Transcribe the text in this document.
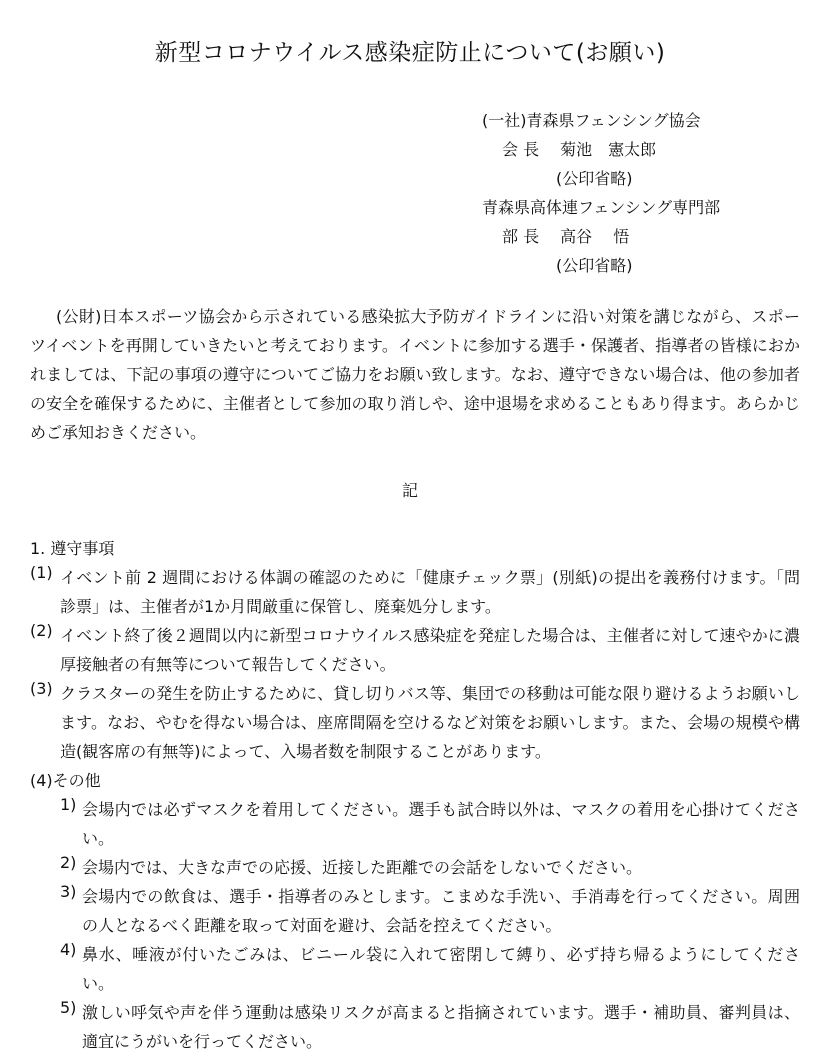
新型コロナウイルス感染症防止について(お願い)
(一社)青森県フェンシング協会
会 長　 菊池　憲太郎
(公印省略)
青森県高体連フェンシング専門部
部 長　 高谷　 悟
(公印省略)
(公財)日本スポーツ協会から示されている感染拡大予防ガイドラインに沿い対策を講じながら、スポーツイベントを再開していきたいと考えております。イベントに参加する選手・保護者、指導者の皆様におかれましては、下記の事項の遵守についてご協力をお願い致します。なお、遵守できない場合は、他の参加者の安全を確保するために、主催者として参加の取り消しや、途中退場を求めることもあり得ます。あらかじめご承知おきください。
記
1. 遵守事項
(1) イベント前 2 週間における体調の確認のために「健康チェック票」(別紙)の提出を義務付けます。「問診票」は、主催者が1か月間厳重に保管し、廃棄処分します。
(2) イベント終了後２週間以内に新型コロナウイルス感染症を発症した場合は、主催者に対して速やかに濃厚接触者の有無等について報告してください。
(3) クラスターの発生を防止するために、貸し切りバス等、集団での移動は可能な限り避けるようお願いします。なお、やむを得ない場合は、座席間隔を空けるなど対策をお願いします。また、会場の規模や構造(観客席の有無等)によって、入場者数を制限することがあります。
(4)その他
1) 会場内では必ずマスクを着用してください。選手も試合時以外は、マスクの着用を心掛けてください。
2) 会場内では、大きな声での応援、近接した距離での会話をしないでください。
3) 会場内での飲食は、選手・指導者のみとします。こまめな手洗い、手消毒を行ってください。周囲の人となるべく距離を取って対面を避け、会話を控えてください。
4) 鼻水、唾液が付いたごみは、ビニール袋に入れて密閉して縛り、必ず持ち帰るようにしてください。
5) 激しい呼気や声を伴う運動は感染リスクが高まると指摘されています。選手・補助員、審判員は、適宜にうがいを行ってください。
